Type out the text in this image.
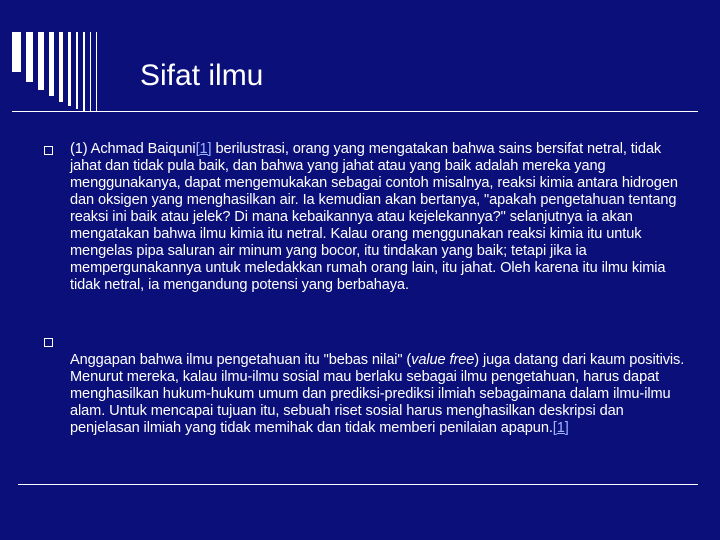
Sifat ilmu
(1) Achmad Baiquni[1] berilustrasi, orang yang mengatakan bahwa sains bersifat netral, tidak jahat dan tidak pula baik, dan bahwa yang jahat atau yang baik adalah mereka yang menggunakanya, dapat mengemukakan sebagai contoh misalnya, reaksi kimia antara hidrogen dan oksigen yang menghasilkan air. Ia kemudian akan bertanya, "apakah pengetahuan tentang reaksi ini baik atau jelek? Di mana kebaikannya atau kejelekannya?" selanjutnya ia akan mengatakan bahwa ilmu kimia itu netral. Kalau orang menggunakan reaksi kimia itu untuk mengelas pipa saluran air minum yang bocor, itu tindakan yang baik; tetapi jika ia mempergunakannya untuk meledakkan rumah orang lain, itu jahat. Oleh karena itu ilmu kimia tidak netral, ia mengandung potensi yang berbahaya.
Anggapan bahwa ilmu pengetahuan itu "bebas nilai" (value free) juga datang dari kaum positivis. Menurut mereka, kalau ilmu-ilmu sosial mau berlaku sebagai ilmu pengetahuan, harus dapat menghasilkan hukum-hukum umum dan prediksi-prediksi ilmiah sebagaimana dalam ilmu-ilmu alam. Untuk mencapai tujuan itu, sebuah riset sosial harus menghasilkan deskripsi dan penjelasan ilmiah yang tidak memihak dan tidak memberi penilaian apapun.[1]
